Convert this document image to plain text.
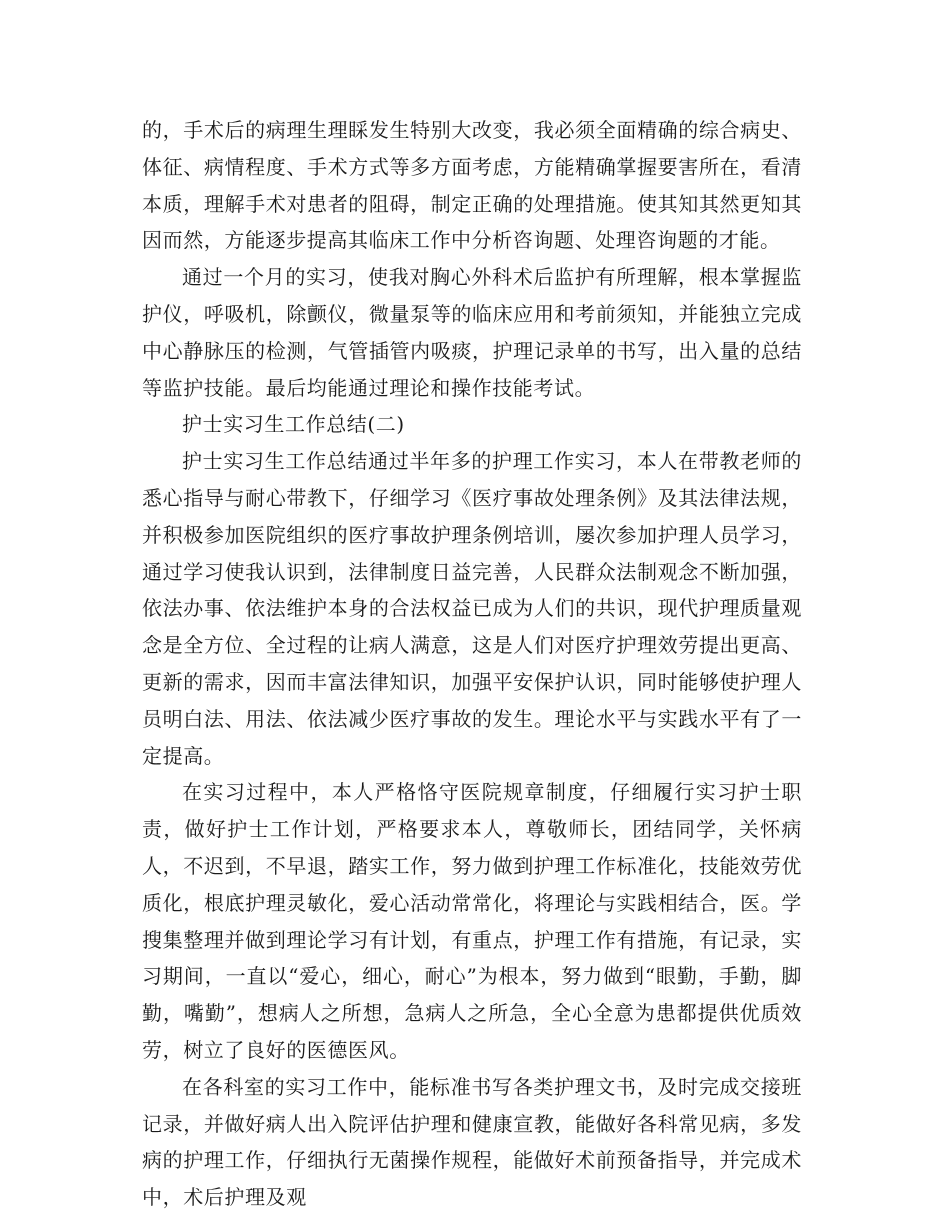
的，手术后的病理生理睬发生特别大改变，我必须全面精确的综合病史、体征、病情程度、手术方式等多方面考虑，方能精确掌握要害所在，看清本质，理解手术对患者的阻碍，制定正确的处理措施。使其知其然更知其因而然，方能逐步提高其临床工作中分析咨询题、处理咨询题的才能。

通过一个月的实习，使我对胸心外科术后监护有所理解，根本掌握监护仪，呼吸机，除颤仪，微量泵等的临床应用和考前须知，并能独立完成中心静脉压的检测，气管插管内吸痰，护理记录单的书写，出入量的总结等监护技能。最后均能通过理论和操作技能考试。

护士实习生工作总结(二)

护士实习生工作总结通过半年多的护理工作实习，本人在带教老师的悉心指导与耐心带教下，仔细学习《医疗事故处理条例》及其法律法规，并积极参加医院组织的医疗事故护理条例培训，屡次参加护理人员学习，通过学习使我认识到，法律制度日益完善，人民群众法制观念不断加强，依法办事、依法维护本身的合法权益已成为人们的共识，现代护理质量观念是全方位、全过程的让病人满意，这是人们对医疗护理效劳提出更高、更新的需求，因而丰富法律知识，加强平安保护认识，同时能够使护理人员明白法、用法、依法减少医疗事故的发生。理论水平与实践水平有了一定提高。

在实习过程中，本人严格恪守医院规章制度，仔细履行实习护士职责，做好护士工作计划，严格要求本人，尊敬师长，团结同学，关怀病人，不迟到，不早退，踏实工作，努力做到护理工作标准化，技能效劳优质化，根底护理灵敏化，爱心活动常常化，将理论与实践相结合，医。学搜集整理并做到理论学习有计划，有重点，护理工作有措施，有记录，实习期间，一直以“爱心，细心，耐心”为根本，努力做到“眼勤，手勤，脚勤，嘴勤”，想病人之所想，急病人之所急，全心全意为患都提供优质效劳，树立了良好的医德医风。

在各科室的实习工作中，能标准书写各类护理文书，及时完成交接班记录，并做好病人出入院评估护理和健康宣教，能做好各科常见病，多发病的护理工作，仔细执行无菌操作规程，能做好术前预备指导，并完成术中，术后护理及观
